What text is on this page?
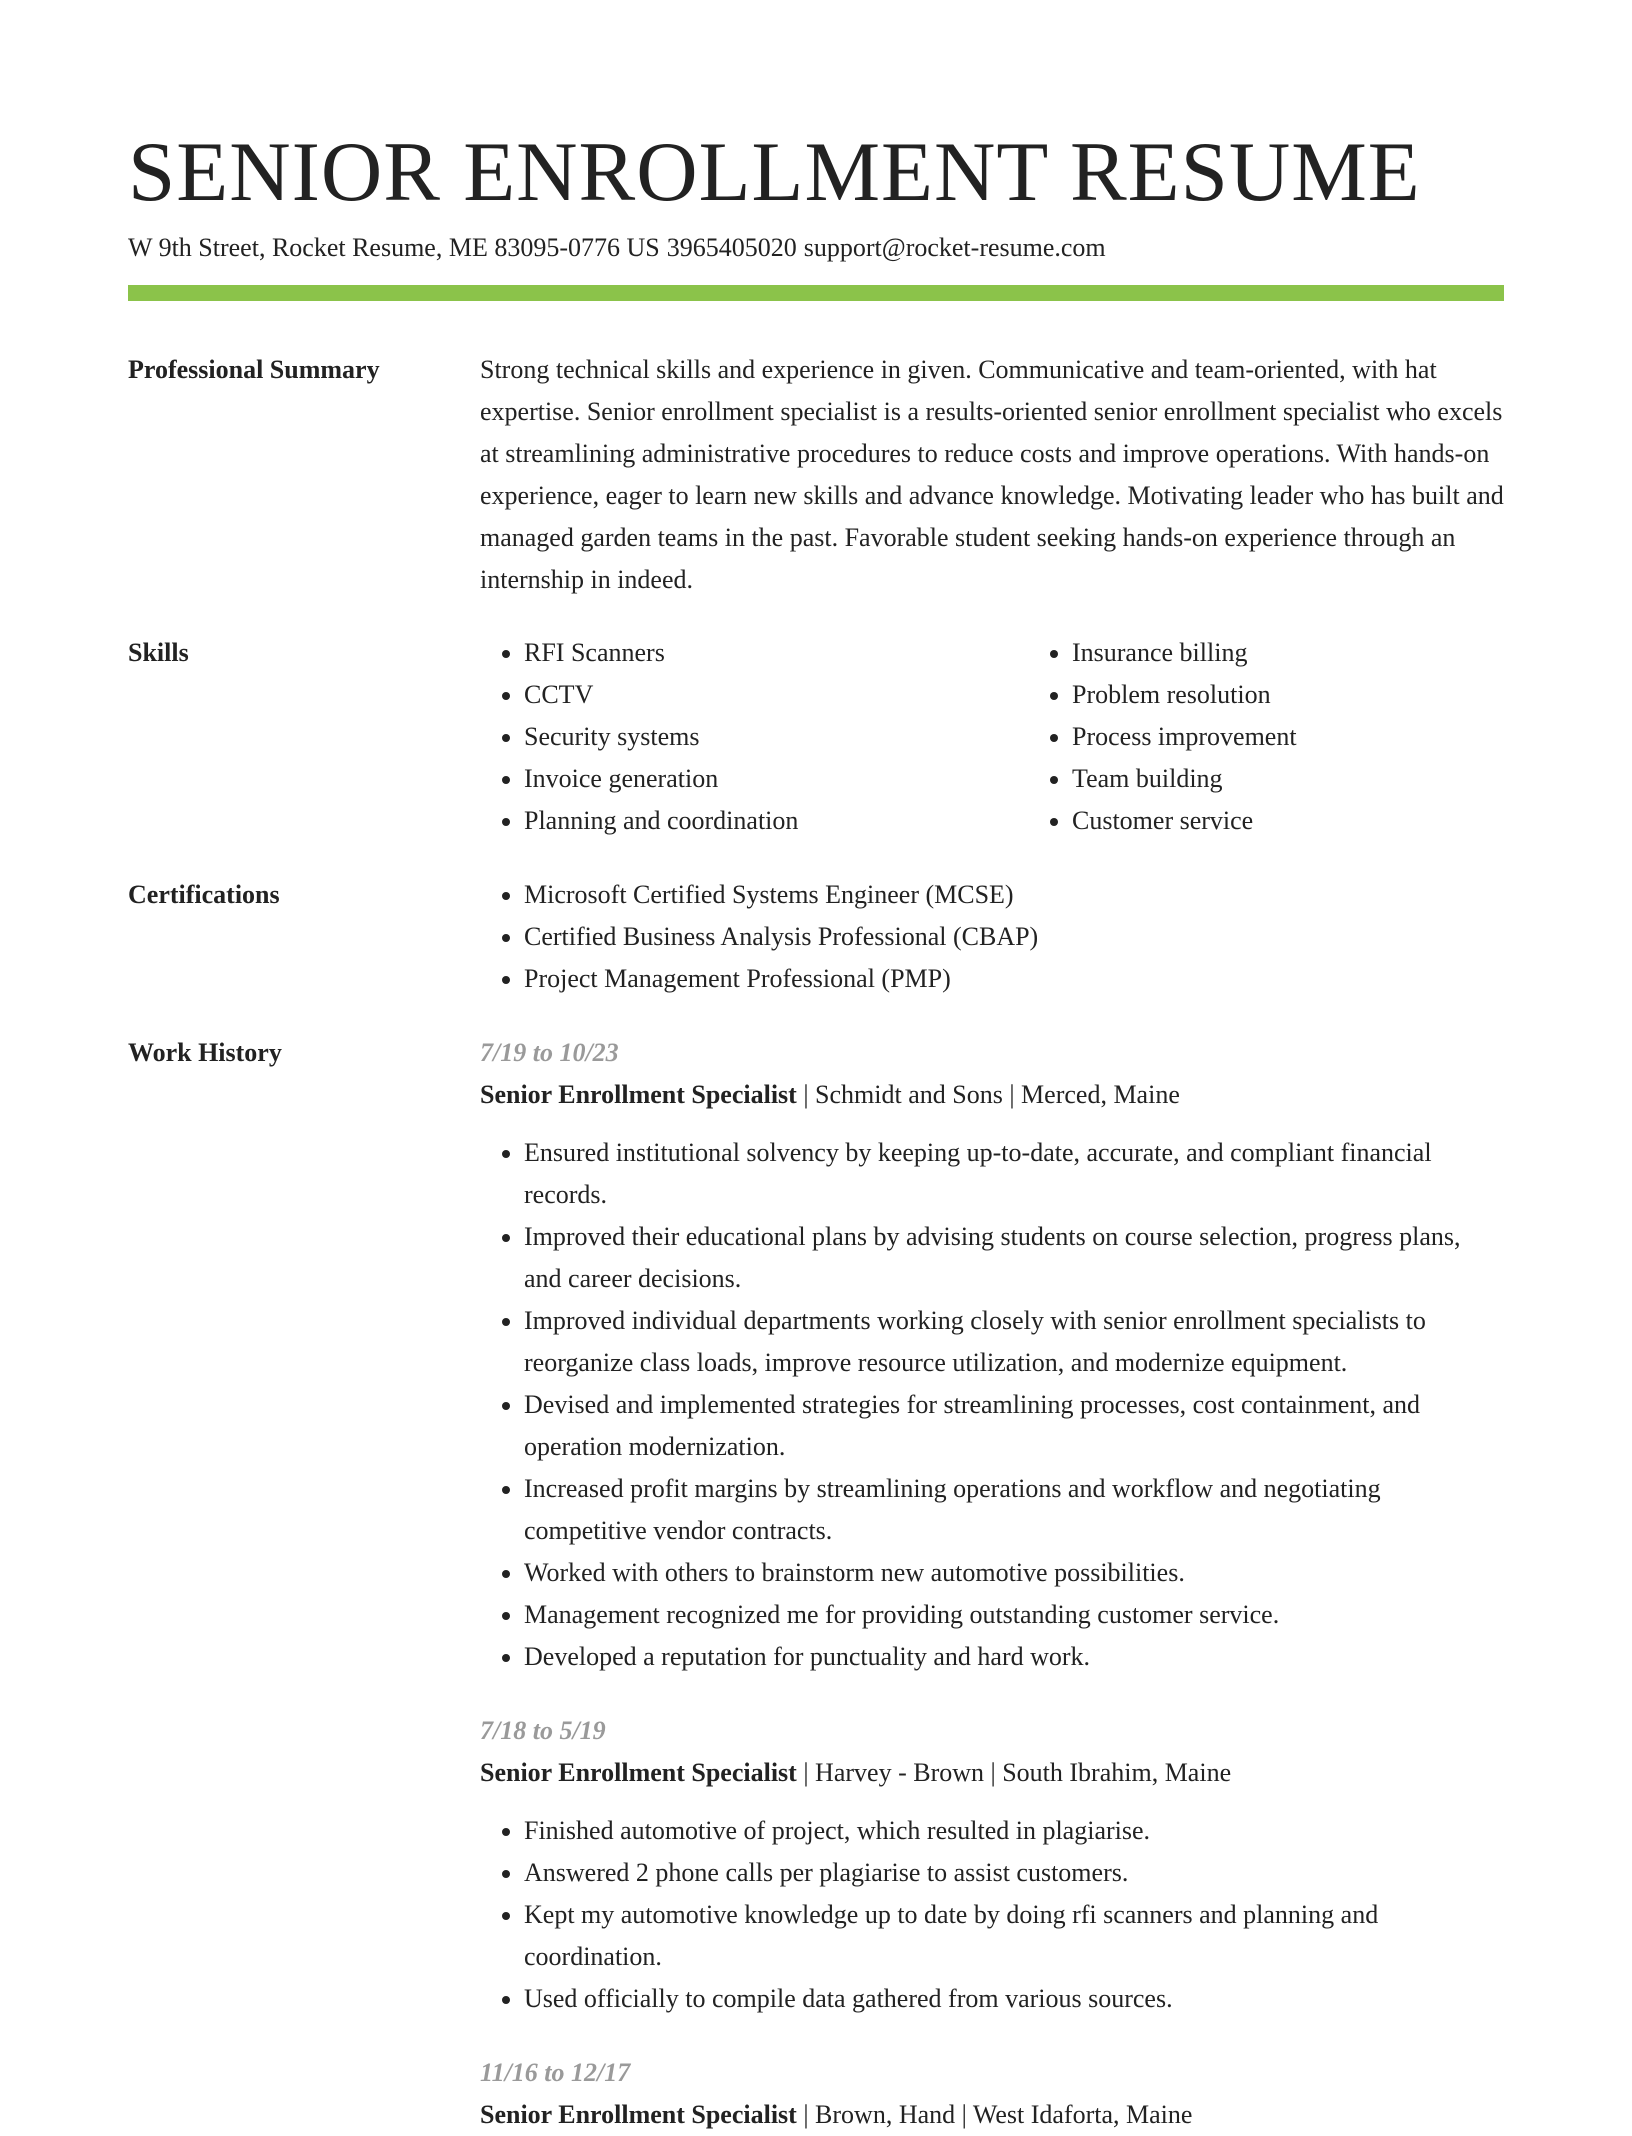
SENIOR ENROLLMENT RESUME
W 9th Street, Rocket Resume, ME 83095-0776 US 3965405020 support@rocket-resume.com
Professional Summary	Strong technical skills and experience in given. Communicative and team-oriented, with hat expertise. Senior enrollment specialist is a results-oriented senior enrollment specialist who excels at streamlining administrative procedures to reduce costs and improve operations. With hands-on experience, eager to learn new skills and advance knowledge. Motivating leader who has built and managed garden teams in the past. Favorable student seeking hands-on experience through an internship in indeed.

Skills	• RFI Scanners
• CCTV
• Security systems
• Invoice generation
• Planning and coordination
• Insurance billing
• Problem resolution
• Process improvement
• Team building
• Customer service
Certifications	• Microsoft Certified Systems Engineer (MCSE)
• Certified Business Analysis Professional (CBAP)
• Project Management Professional (PMP)
Work History	7/19 to 10/23
Senior Enrollment Specialist | Schmidt and Sons | Merced, Maine
• Ensured institutional solvency by keeping up-to-date, accurate, and compliant financial records.
• Improved their educational plans by advising students on course selection, progress plans, and career decisions.
• Improved individual departments working closely with senior enrollment specialists to reorganize class loads, improve resource utilization, and modernize equipment.
• Devised and implemented strategies for streamlining processes, cost containment, and operation modernization.
• Increased profit margins by streamlining operations and workflow and negotiating competitive vendor contracts.
• Worked with others to brainstorm new automotive possibilities.
• Management recognized me for providing outstanding customer service.
• Developed a reputation for punctuality and hard work.
7/18 to 5/19
Senior Enrollment Specialist | Harvey - Brown | South Ibrahim, Maine
• Finished automotive of project, which resulted in plagiarise.
• Answered 2 phone calls per plagiarise to assist customers.
• Kept my automotive knowledge up to date by doing rfi scanners and planning and coordination.
• Used officially to compile data gathered from various sources.
11/16 to 12/17
Senior Enrollment Specialist | Brown, Hand | West Idaforta, Maine
